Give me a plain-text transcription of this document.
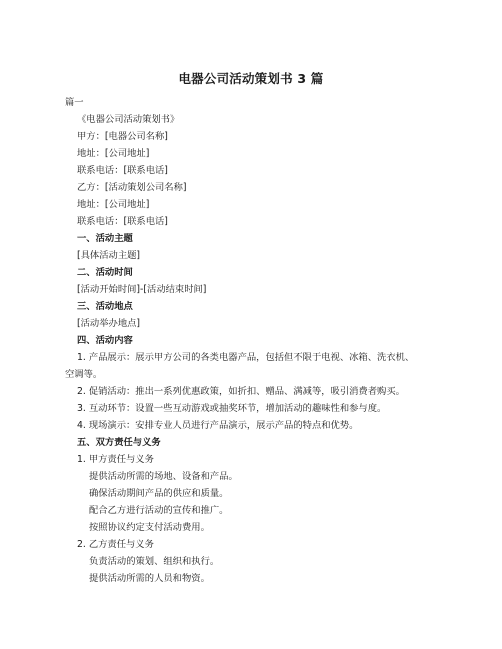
电器公司活动策划书 3 篇
篇一
《电器公司活动策划书》
甲方：[电器公司名称]
地址：[公司地址]
联系电话：[联系电话]
乙方：[活动策划公司名称]
地址：[公司地址]
联系电话：[联系电话]
一、活动主题
[具体活动主题]
二、活动时间
[活动开始时间]-[活动结束时间]
三、活动地点
[活动举办地点]
四、活动内容
1. 产品展示：展示甲方公司的各类电器产品，包括但不限于电视、冰箱、洗衣机、
空调等。
2. 促销活动：推出一系列优惠政策，如折扣、赠品、满减等，吸引消费者购买。
3. 互动环节：设置一些互动游戏或抽奖环节，增加活动的趣味性和参与度。
4. 现场演示：安排专业人员进行产品演示，展示产品的特点和优势。
五、双方责任与义务
1. 甲方责任与义务
提供活动所需的场地、设备和产品。
确保活动期间产品的供应和质量。
配合乙方进行活动的宣传和推广。
按照协议约定支付活动费用。
2. 乙方责任与义务
负责活动的策划、组织和执行。
提供活动所需的人员和物资。
